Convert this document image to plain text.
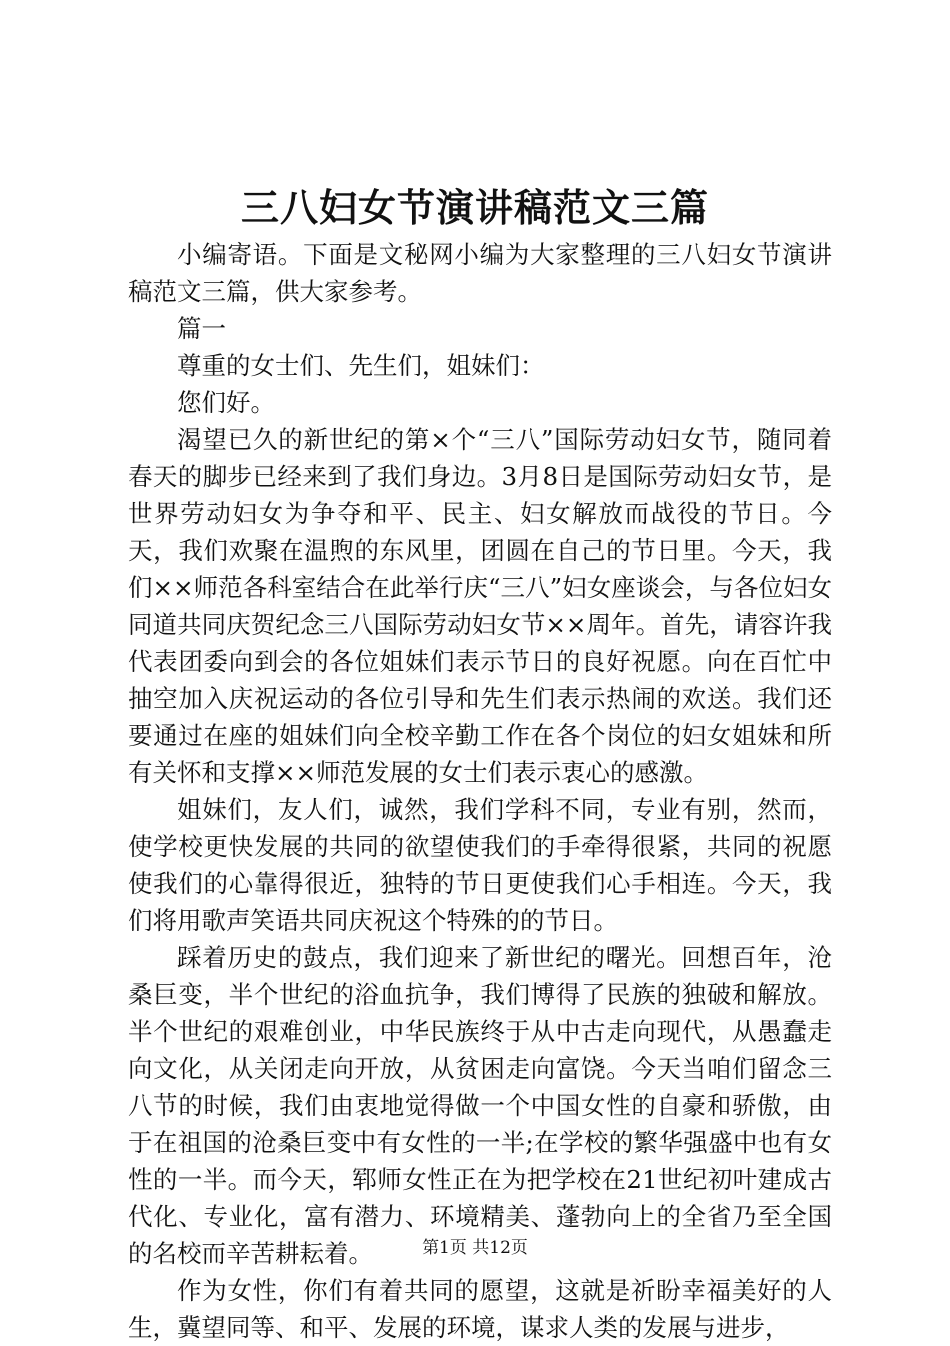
三八妇女节演讲稿范文三篇

小编寄语。下面是文秘网小编为大家整理的三八妇女节演讲稿范文三篇，供大家参考。

篇一

尊重的女士们、先生们，姐妹们：

您们好。

渴望已久的新世纪的第×个“三八”国际劳动妇女节，随同着春天的脚步已经来到了我们身边。3月8日是国际劳动妇女节，是世界劳动妇女为争夺和平、民主、妇女解放而战役的节日。今天，我们欢聚在温煦的东风里，团圆在自己的节日里。今天，我们××师范各科室结合在此举行庆“三八”妇女座谈会，与各位妇女同道共同庆贺纪念三八国际劳动妇女节××周年。首先，请容许我代表团委向到会的各位姐妹们表示节日的良好祝愿。向在百忙中抽空加入庆祝运动的各位引导和先生们表示热闹的欢送。我们还要通过在座的姐妹们向全校辛勤工作在各个岗位的妇女姐妹和所有关怀和支撑××师范发展的女士们表示衷心的感激。

姐妹们，友人们，诚然，我们学科不同，专业有别，然而，使学校更快发展的共同的欲望使我们的手牵得很紧，共同的祝愿使我们的心靠得很近，独特的节日更使我们心手相连。今天，我们将用歌声笑语共同庆祝这个特殊的的节日。

踩着历史的鼓点，我们迎来了新世纪的曙光。回想百年，沧桑巨变，半个世纪的浴血抗争，我们博得了民族的独破和解放。半个世纪的艰难创业，中华民族终于从中古走向现代，从愚蠢走向文化，从关闭走向开放，从贫困走向富饶。今天当咱们留念三八节的时候，我们由衷地觉得做一个中国女性的自豪和骄傲，由于在祖国的沧桑巨变中有女性的一半;在学校的繁华强盛中也有女性的一半。而今天，郓师女性正在为把学校在21世纪初叶建成古代化、专业化，富有潜力、环境精美、蓬勃向上的全省乃至全国的名校而辛苦耕耘着。

作为女性，你们有着共同的愿望，这就是祈盼幸福美好的人生，冀望同等、和平、发展的环境，谋求人类的发展与进步，

第1页 共12页
